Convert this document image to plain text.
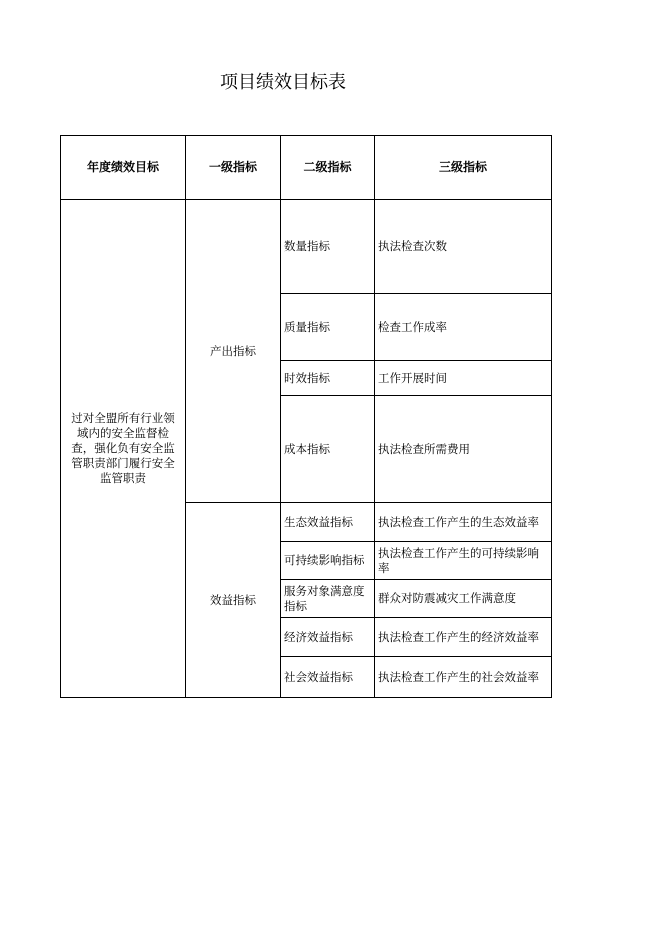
项目绩效目标表
年度绩效目标	一级指标	二级指标	三级指标
过对全盟所有行业领域内的安全监督检查，强化负有安全监管职责部门履行安全监管职责	产出指标	数量指标	执法检查次数
		质量指标	检查工作成率
		时效指标	工作开展时间
		成本指标	执法检查所需费用
	效益指标	生态效益指标	执法检查工作产生的生态效益率
		可持续影响指标	执法检查工作产生的可持续影响率
		服务对象满意度指标	群众对防震减灾工作满意度
		经济效益指标	执法检查工作产生的经济效益率
		社会效益指标	执法检查工作产生的社会效益率
